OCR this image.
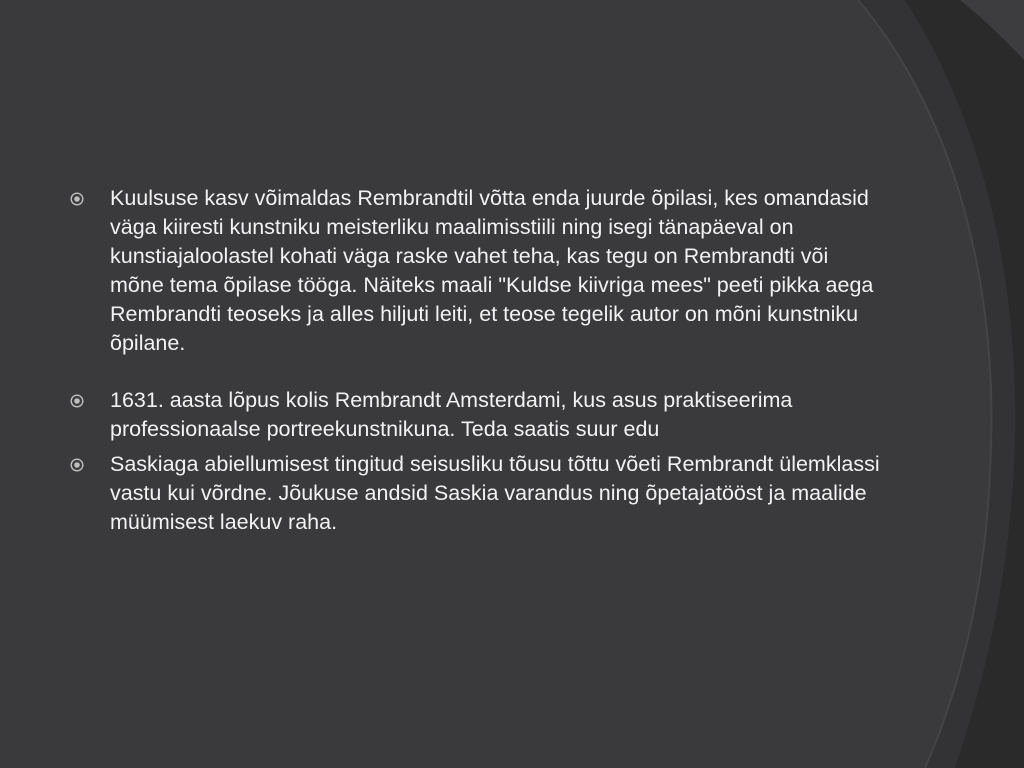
Kuulsuse kasv võimaldas Rembrandtil võtta enda juurde õpilasi, kes omandasid väga kiiresti kunstniku meisterliku maalimisstiili ning isegi tänapäeval on kunstiajaloolastel kohati väga raske vahet teha, kas tegu on Rembrandti või mõne tema õpilase tööga. Näiteks maali "Kuldse kiivriga mees" peeti pikka aega Rembrandti teoseks ja alles hiljuti leiti, et teose tegelik autor on mõni kunstniku õpilane.
1631. aasta lõpus kolis Rembrandt Amsterdami, kus asus praktiseerima professionaalse portreekunstnikuna. Teda saatis suur edu
Saskiaga abiellumisest tingitud seisusliku tõusu tõttu võeti Rembrandt ülemklassi vastu kui võrdne. Jõukuse andsid Saskia varandus ning õpetajatööst ja maalide müümisest laekuv raha.
